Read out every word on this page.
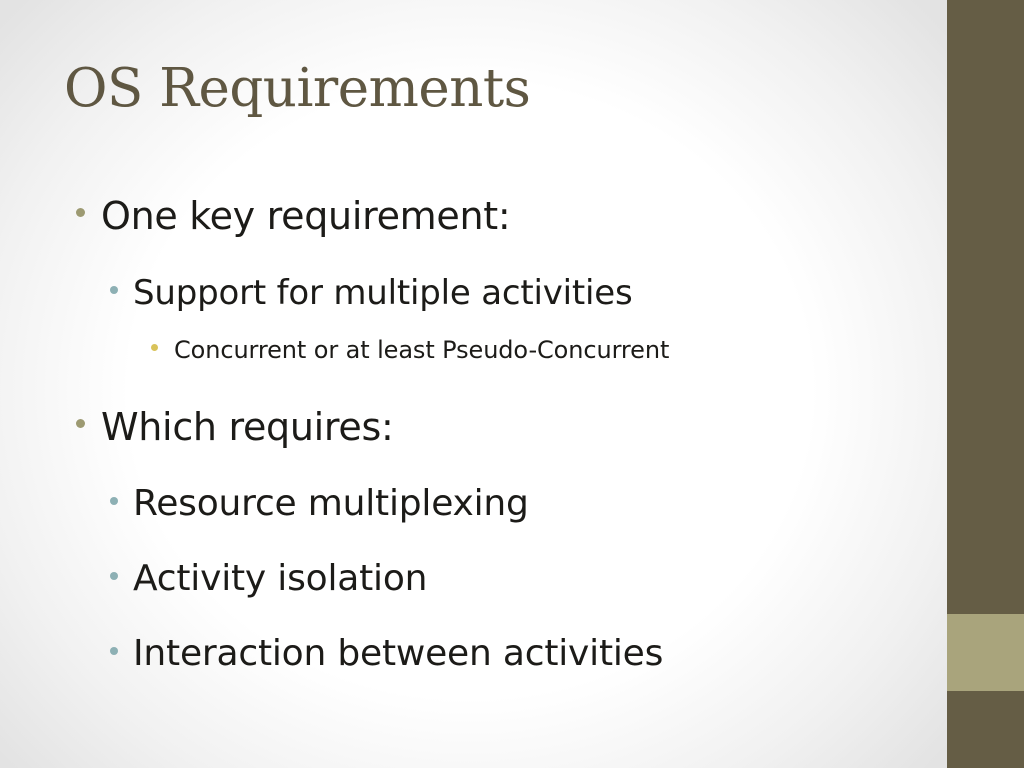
OS Requirements
One key requirement:
Support for multiple activities
Concurrent or at least Pseudo-Concurrent
Which requires:
Resource multiplexing
Activity isolation
Interaction between activities
